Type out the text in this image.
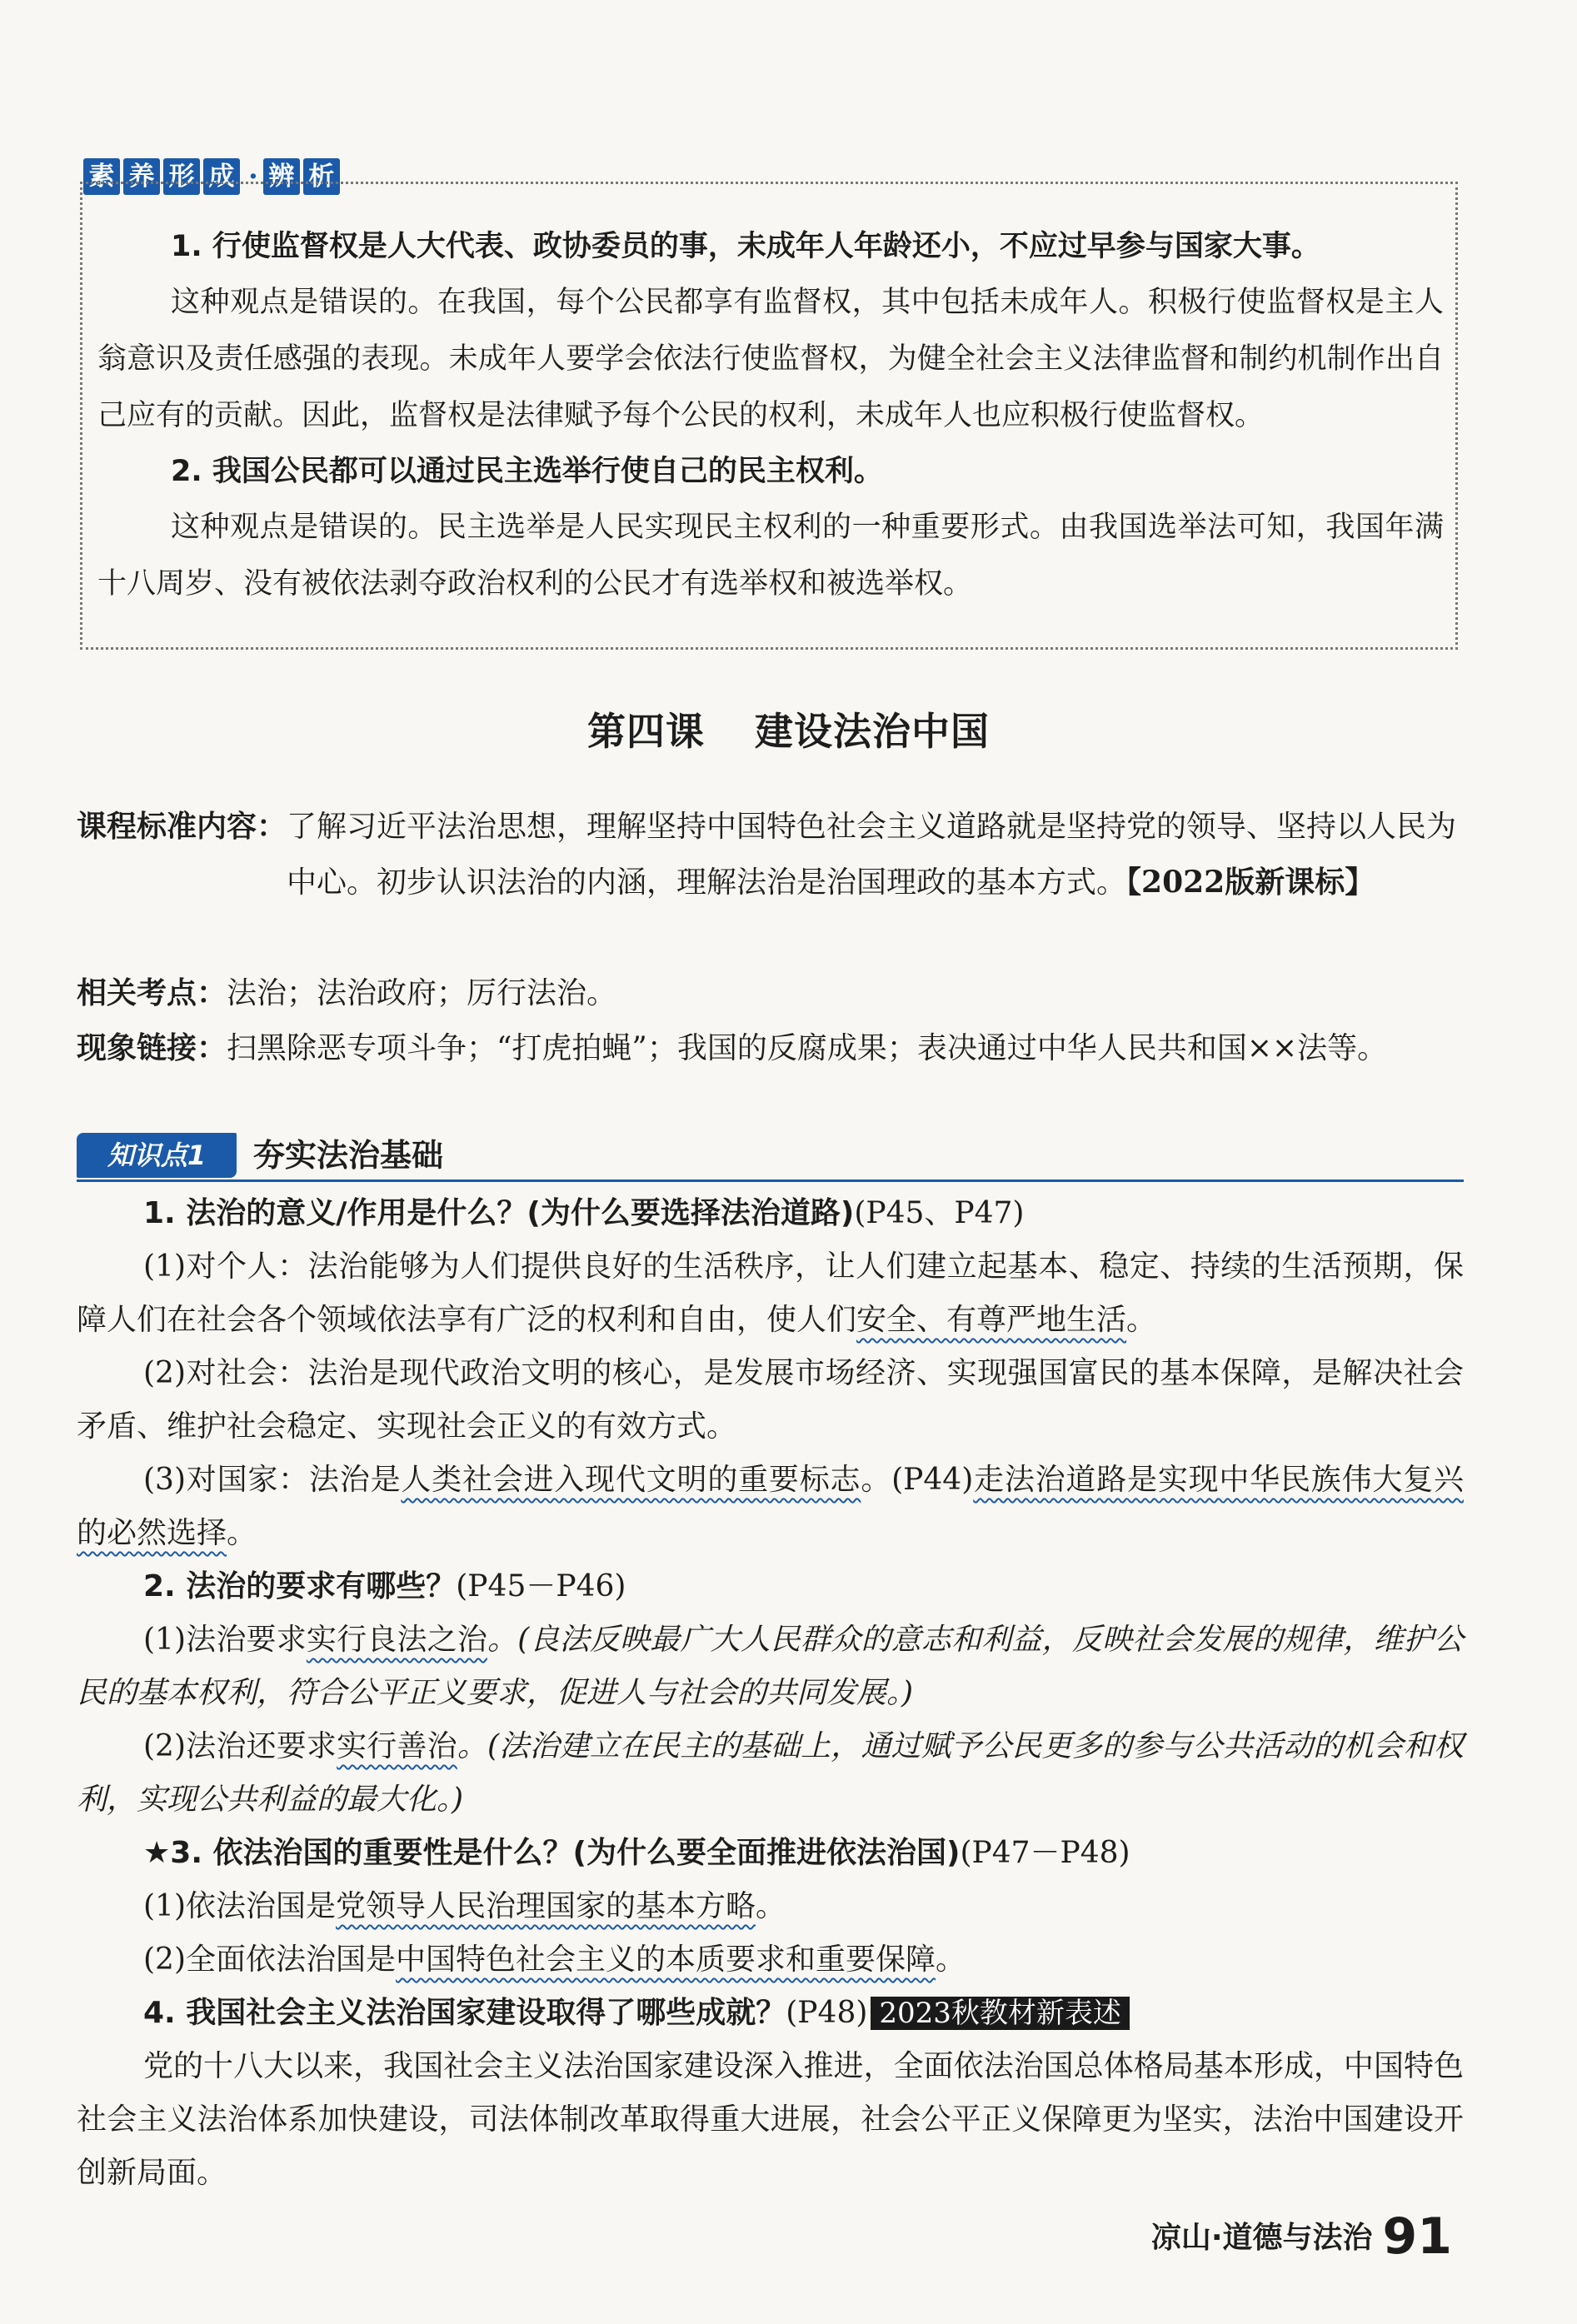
素 养 形 成 · 辨 析
1. 行使监督权是人大代表、政协委员的事，未成年人年龄还小，不应过早参与国家大事。
这种观点是错误的。在我国，每个公民都享有监督权，其中包括未成年人。积极行使监督权是主人翁意识及责任感强的表现。未成年人要学会依法行使监督权，为健全社会主义法律监督和制约机制作出自己应有的贡献。因此，监督权是法律赋予每个公民的权利，未成年人也应积极行使监督权。
2. 我国公民都可以通过民主选举行使自己的民主权利。
这种观点是错误的。民主选举是人民实现民主权利的一种重要形式。由我国选举法可知，我国年满十八周岁、没有被依法剥夺政治权利的公民才有选举权和被选举权。
第四课 建设法治中国
课程标准内容： 了解习近平法治思想，理解坚持中国特色社会主义道路就是坚持党的领导、坚持以人民为中心。初步认识法治的内涵，理解法治是治国理政的基本方式。【2022版新课标】
相关考点：法治；法治政府；厉行法治。
现象链接： 扫黑除恶专项斗争；“打虎拍蝇”；我国的反腐成果；表决通过中华人民共和国××法等。
知识点1	夯实法治基础
1. 法治的意义/作用是什么？(为什么要选择法治道路)(P45、P47)
(1)对个人：法治能够为人们提供良好的生活秩序，让人们建立起基本、稳定、持续的生活预期，保障人们在社会各个领域依法享有广泛的权利和自由，使人们安全、有尊严地生活。
(2)对社会：法治是现代政治文明的核心，是发展市场经济、实现强国富民的基本保障，是解决社会矛盾、维护社会稳定、实现社会正义的有效方式。
(3)对国家：法治是人类社会进入现代文明的重要标志。(P44)走法治道路是实现中华民族伟大复兴的必然选择。
2. 法治的要求有哪些？(P45－P46)
(1)法治要求实行良法之治。(良法反映最广大人民群众的意志和利益，反映社会发展的规律，维护公民的基本权利，符合公平正义要求，促进人与社会的共同发展。)
(2)法治还要求实行善治。(法治建立在民主的基础上，通过赋予公民更多的参与公共活动的机会和权利，实现公共利益的最大化。)
★3. 依法治国的重要性是什么？(为什么要全面推进依法治国)(P47－P48)
(1)依法治国是党领导人民治理国家的基本方略。
(2)全面依法治国是中国特色社会主义的本质要求和重要保障。
4. 我国社会主义法治国家建设取得了哪些成就？(P48) 2023秋教材新表述
党的十八大以来，我国社会主义法治国家建设深入推进，全面依法治国总体格局基本形成，中国特色社会主义法治体系加快建设，司法体制改革取得重大进展，社会公平正义保障更为坚实，法治中国建设开创新局面。
凉山·道德与法治 91
